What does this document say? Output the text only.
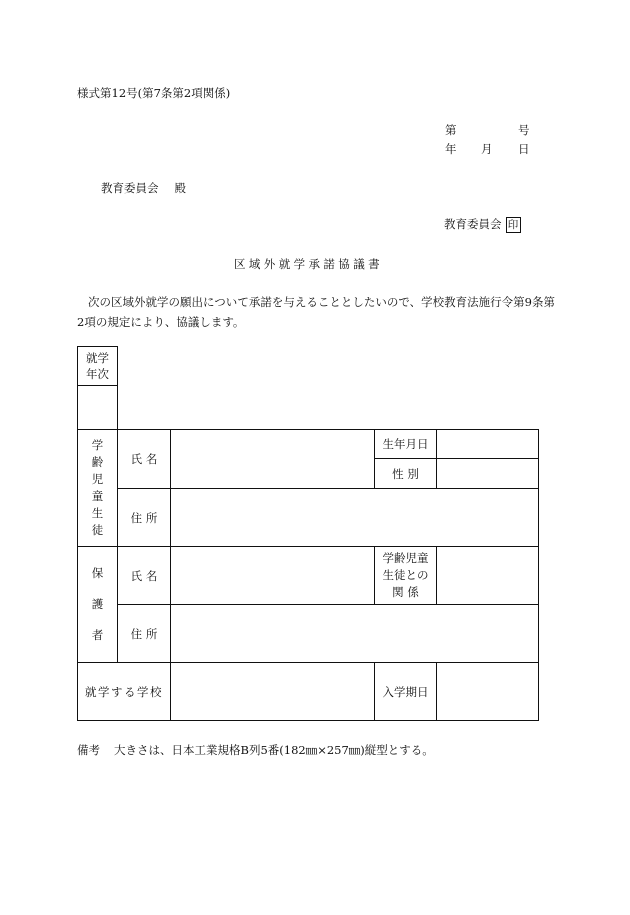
様式第12号(第7条第2項関係)
第	号
年 月 日
教育委員会 殿
教育委員会 印
区域外就学承諾協議書
次の区域外就学の願出について承諾を与えることとしたいので、学校教育法施行令第9条第2項の規定により、協議します。
就学
年次
学
齢
児
童
生
徒
氏 名
生年月日
性 別
住 所
保
護
者
氏 名
学齢児童
生徒との
関 係
住 所
就学する学校	入学期日
備考 大きさは、日本工業規格B列5番(182㎜×257㎜)縦型とする。
